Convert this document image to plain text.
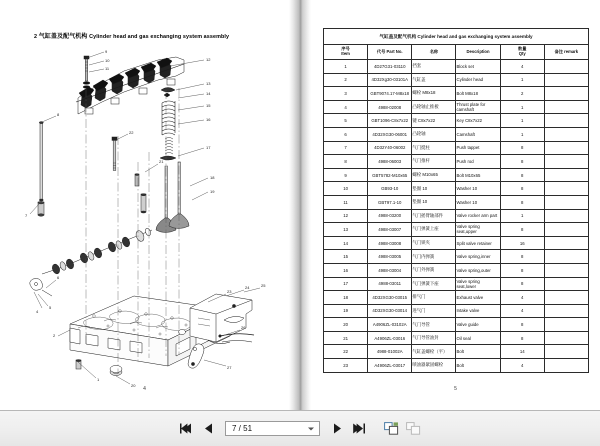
2 气缸盖及配气机构 Cylinder head and gas exchanging system assembly
9
10
11
12
13
14
15
16
17
18
19
21
22
8
7
6
5
4
2
1
20
23
24	25
26
27
4
气缸盖及配气机构 Cylinder head and gas exchanging system assembly					
序号
Item	代号 Part No.	名称	Description	数量
Qty	备注 remark
1	4D27G31-03110	挡套	Block set	4	
2	4D32Xg30-03101A	气缸盖	Cylinder head	1	
3	GBT9074.17-M8x18	螺栓 M8x18	Bolt M8x18	2	
4	4988-02008	凸轮轴止推板	Thrust plate for camshaft	1	
5	GBT1096-C8x7x22	键 C8x7x22	Key C8x7x22	1	
6	4D32XG30-06001	凸轮轴	Camshaft	1	
7	4D32Y40-06002	气门挺柱	Push tappet	8	
8	4988-06003	气门推杆	Push rod	8	
9	GBT5782-M10x65	螺栓 M10x65	Bolt M10x65	8	
10	GB93-10	垫圈 10	Washer 10	8	
11	GBT97.1-10	垫圈 10	Washer 10	8	
12	4988-03200	气门摇臂轴部件	Valve rocker arm part	1	
13	4988-03007	气门弹簧上座	Valve spring seat,upper	8	
14	4988-03008	气门锁夹	Split valve retainer	16	
15	4988-03005	气门内弹簧	Valve spring,inner	8	
16	4988-03004	气门外弹簧	Valve spring,outer	8	
17	4988-03011	气门弹簧下座	Valve spring seat,lower	8	
18	4D32XG30-03015	排气门	Exhaust valve	4	
19	4D32XG30-03014	进气门	Intake valve	4	
20	A4906ZL-03102A	气门导管	Valve guide	8	
21	A4906ZL-03016	气门导管油封	Oil seal	8	
22	4988-01002A	气缸盖螺栓（平）	Bolt	14	
23	A4906ZL-03017	喷油器紧固螺栓	Bolt	4	
5
7 / 51
